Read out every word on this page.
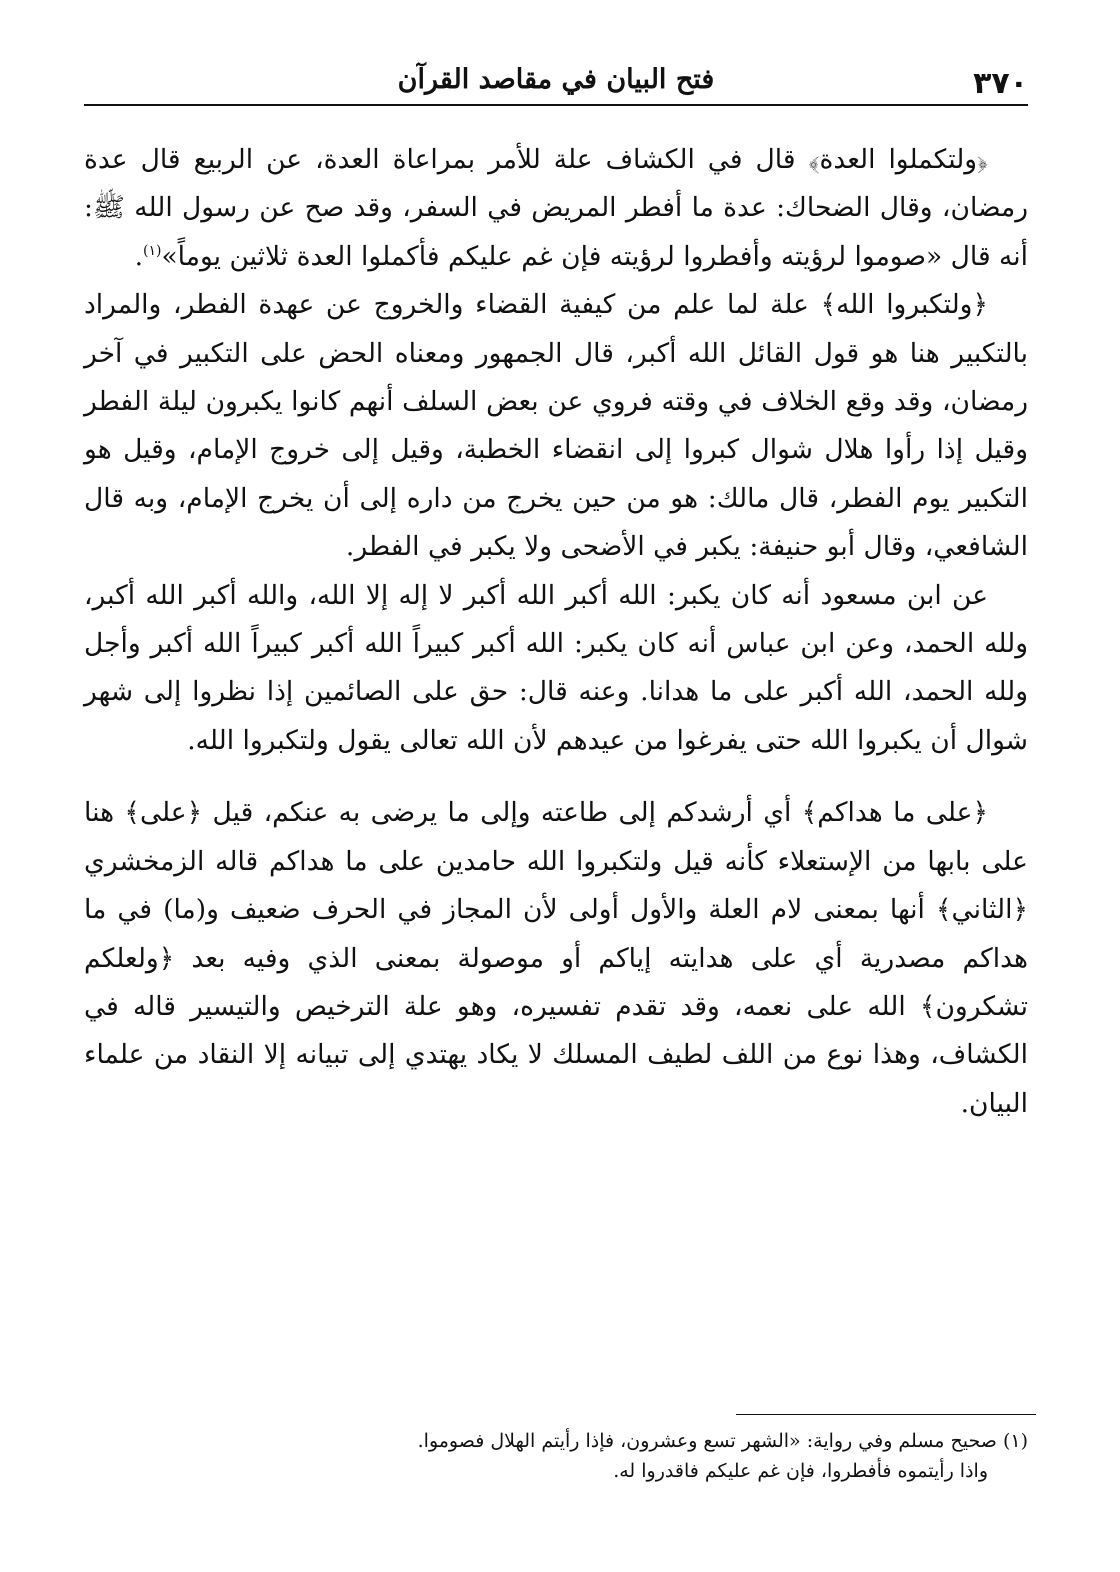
٣٧٠
فتح البيان في مقاصد القرآن

﴿ولتكملوا العدة﴾ قال في الكشاف علة للأمر بمراعاة العدة، عن الربيع قال عدة رمضان، وقال الضحاك: عدة ما أفطر المريض في السفر، وقد صح عن رسول الله ﷺ: أنه قال «صوموا لرؤيته وأفطروا لرؤيته فإن غم عليكم فأكملوا العدة ثلاثين يوماً»$^{(١)}$.

﴿ولتكبروا الله﴾ علة لما علم من كيفية القضاء والخروج عن عهدة الفطر، والمراد بالتكبير هنا هو قول القائل الله أكبر، قال الجمهور ومعناه الحض على التكبير في آخر رمضان، وقد وقع الخلاف في وقته فروي عن بعض السلف أنهم كانوا يكبرون ليلة الفطر وقيل إذا رأوا هلال شوال كبروا إلى انقضاء الخطبة، وقيل إلى خروج الإمام، وقيل هو التكبير يوم الفطر، قال مالك: هو من حين يخرج من داره إلى أن يخرج الإمام، وبه قال الشافعي، وقال أبو حنيفة: يكبر في الأضحى ولا يكبر في الفطر.

عن ابن مسعود أنه كان يكبر: الله أكبر الله أكبر لا إله إلا الله، والله أكبر الله أكبر، ولله الحمد، وعن ابن عباس أنه كان يكبر: الله أكبر كبيراً الله أكبر كبيراً الله أكبر وأجل ولله الحمد، الله أكبر على ما هدانا. وعنه قال: حق على الصائمين إذا نظروا إلى شهر شوال أن يكبروا الله حتى يفرغوا من عيدهم لأن الله تعالى يقول ولتكبروا الله.

﴿على ما هداكم﴾ أي أرشدكم إلى طاعته وإلى ما يرضى به عنكم، قيل ﴿على﴾ هنا على بابها من الإستعلاء كأنه قيل ولتكبروا الله حامدين على ما هداكم قاله الزمخشري ﴿الثاني﴾ أنها بمعنى لام العلة والأول أولى لأن المجاز في الحرف ضعيف و(ما) في ما هداكم مصدرية أي على هدايته إياكم أو موصولة بمعنى الذي وفيه بعد ﴿ولعلكم تشكرون﴾ الله على نعمه، وقد تقدم تفسيره، وهو علة الترخيص والتيسير قاله في الكشاف، وهذا نوع من اللف لطيف المسلك لا يكاد يهتدي إلى تبيانه إلا النقاد من علماء البيان.

(١) صحيح مسلم وفي رواية: «الشهر تسع وعشرون، فإذا رأيتم الهلال فصوموا.

واذا رأيتموه فأفطروا، فإن غم عليكم فاقدروا له.
